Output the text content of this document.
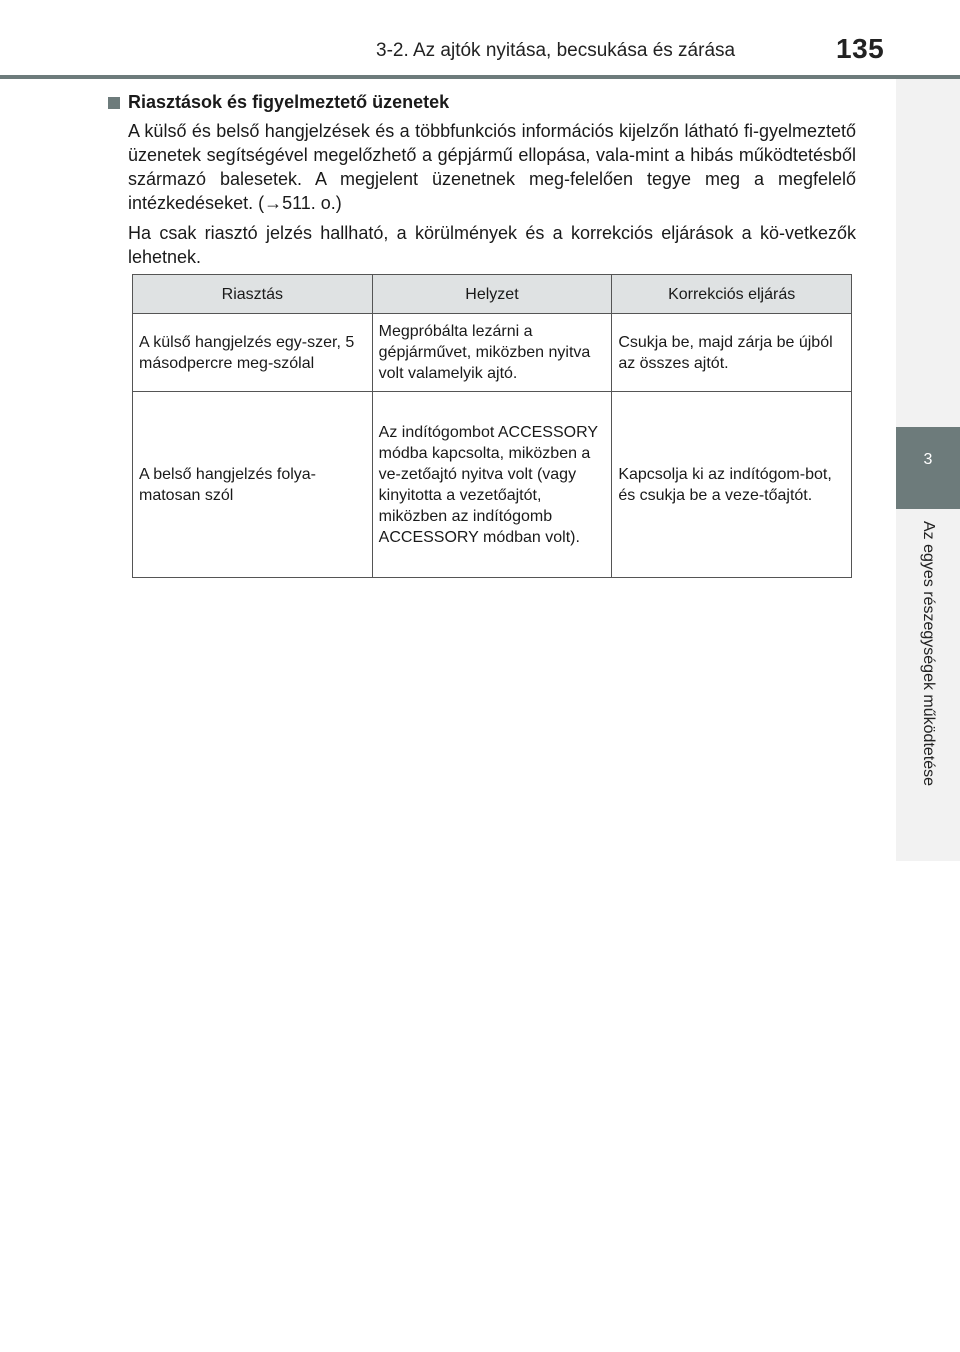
3-2. Az ajtók nyitása, becsukása és zárása	135
3
Az egyes részegységek működtetése
Riasztások és figyelmeztető üzenetek

A külső és belső hangjelzések és a többfunkciós információs kijelzőn látható fi-gyelmeztető üzenetek segítségével megelőzhető a gépjármű ellopása, vala-mint a hibás működtetésből származó balesetek. A megjelent üzenetnek meg-felelően tegye meg a megfelelő intézkedéseket. (→511. o.)

Ha csak riasztó jelzés hallható, a körülmények és a korrekciós eljárások a kö-vetkezők lehetnek.

Riasztás	Helyzet	Korrekciós eljárás
A külső hangjelzés egy-szer, 5 másodpercre meg-szólal	Megpróbálta lezárni a gépjárművet, miközben nyitva volt valamelyik ajtó.	Csukja be, majd zárja be újból az összes ajtót.
A belső hangjelzés folya-matosan szól	Az indítógombot ACCESSORY módba kapcsolta, miközben a ve-zetőajtó nyitva volt (vagy kinyitotta a vezetőajtót, miközben az indítógomb ACCESSORY módban volt).	Kapcsolja ki az indítógom-bot, és csukja be a veze-tőajtót.
